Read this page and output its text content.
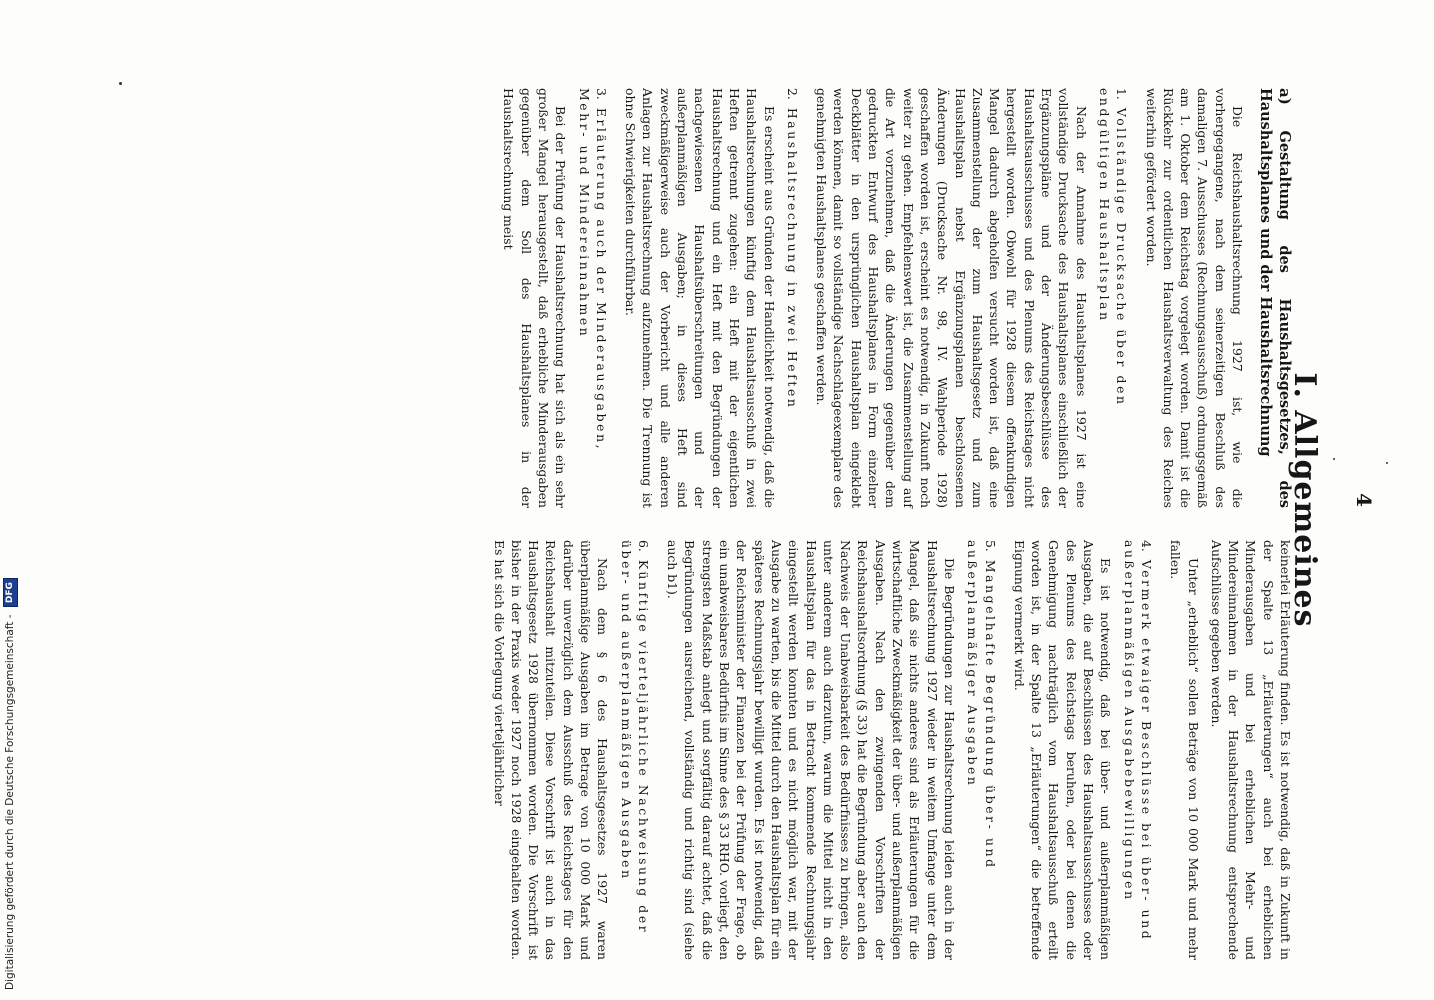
4
I. Allgemeines
a) Gestaltung des Haushaltsgesetzes, des Haushaltsplanes und der Haushaltsrechnung

Die Reichshaushaltsrechnung 1927 ist, wie die vorhergegangene, nach dem seinerzeitigen Beschluß des damaligen 7. Ausschusses (Rechnungsausschuß) ordnungsgemäß am 1. Oktober dem Reichstag vorgelegt worden. Damit ist die Rückkehr zur ordentlichen Haushaltsverwaltung des Reiches weiterhin gefördert worden.

1.Vollständige Drucksache über den endgültigen Haushaltsplan

Nach der Annahme des Haushaltsplanes 1927 ist eine vollständige Drucksache des Haushaltsplanes einschließlich der Ergänzungspläne und der Änderungsbeschlüsse des Haushaltsausschusses und des Plenums des Reichstages nicht hergestellt worden. Obwohl für 1928 diesem offenkundigen Mangel dadurch abgeholfen versucht worden ist, daß eine Zusammenstellung der zum Haushaltsgesetz und zum Haushaltsplan nebst Ergänzungsplanen beschlossenen Änderungen (Drucksache Nr. 98, IV. Wahlperiode 1928) geschaffen worden ist, erscheint es notwendig, in Zukunft noch weiter zu gehen. Empfehlenswert ist, die Zusammenstellung auf die Art vorzunehmen, daß die Änderungen gegenüber dem gedruckten Entwurf des Haushaltsplanes in Form einzelner Deckblätter in den ursprünglichen Haushaltsplan eingeklebt werden können, damit so vollständige Nachschlageexemplare des genehmigten Haushaltsplanes geschaffen werden.

2.Haushaltsrechnung in zwei Heften

Es erscheint aus Gründen der Handlichkeit notwendig, daß die Haushaltsrechnungen künftig dem Haushaltsausschuß in zwei Heften getrennt zugehen: ein Heft mit der eigentlichen Haushaltsrechnung und ein Heft mit den Begründungen der nachgewiesenen Haushaltsüberschreitungen und der außerplanmäßigen Ausgaben; in dieses Heft sind zweckmäßigerweise auch der Vorbericht und alle anderen Anlagen zur Haushaltsrechnung aufzunehmen. Die Trennung ist ohne Schwierigkeiten durchführbar.

3.Erläuterung auch der Minderausgaben, Mehr- und Mindereinnahmen

Bei der Prüfung der Haushaltsrechnung hat sich als ein sehr großer Mangel herausgestellt, daß erhebliche Minderausgaben gegenüber dem Soll des Haushaltsplanes in der Haushaltsrechnung meist

keinerlei Erläuterung finden. Es ist notwendig, daß in Zukunft in der Spalte 13 „Erläuterungen“ auch bei erheblichen Minderausgaben und bei erheblichen Mehr- und Mindereinnahmen in der Haushaltsrechnung entsprechende Aufschlüsse gegeben werden.

Unter „erheblich“ sollen Beträge von 10 000 Mark und mehr fallen.

4.Vermerk etwaiger Beschlüsse bei über- und außerplanmäßigen Ausgabebewilligungen

Es ist notwendig, daß bei über- und außerplanmäßigen Ausgaben, die auf Beschlüssen des Haushaltsausschusses oder des Plenums des Reichstags beruhen, oder bei denen die Genehmigung nachträglich vom Haushaltsausschuß erteilt worden ist, in der Spalte 13 „Erläuterungen“ die betreffende Eignung vermerkt wird.

5.Mangelhafte Begründung über- und außerplanmäßiger Ausgaben

Die Begründungen zur Haushaltsrechnung leiden auch in der Haushaltsrechnung 1927 wieder in weitem Umfange unter dem Mangel, daß sie nichts anderes sind als Erläuterungen für die wirtschaftliche Zweckmäßigkeit der über- und außerplanmäßigen Ausgaben. Nach den zwingenden Vorschriften der Reichshaushaltsordnung (§ 33) hat die Begründung aber auch den Nachweis der Unabweisbarkeit des Bedürfnisses zu bringen, also unter anderem auch darzutun, warum die Mittel nicht in den Haushaltsplan für das in Betracht kommende Rechnungsjahr eingestellt werden konnten und es nicht möglich war, mit der Ausgabe zu warten, bis die Mittel durch den Haushaltsplan für ein späteres Rechnungsjahr bewilligt wurden. Es ist notwendig, daß der Reichsminister der Finanzen bei der Prüfung der Frage, ob ein unabweisbares Bedürfnis im Sinne des § 33 RHO. vorliegt, den strengsten Maßstab anlegt und sorgfältig darauf achtet, daß die Begründungen ausreichend, vollständig und richtig sind (siehe auch b1).

6.Künftige vierteljährliche Nachweisung der über- und außerplanmäßigen Ausgaben

Nach dem § 6 des Haushaltsgesetzes 1927 waren überplanmäßige Ausgaben im Betrage von 10 000 Mark und darüber unverzüglich dem Ausschuß des Reichstages für den Reichshaushalt mitzuteilen. Diese Vorschrift ist auch in das Haushaltsgesetz 1928 übernommen worden. Die Vorschrift ist bisher in der Praxis weder 1927 noch 1928 eingehalten worden. Es hat sich die Vorlegung vierteljährlicher

Digitalisierung gefördert durch die Deutsche Forschungsgemeinschaft - DFG
